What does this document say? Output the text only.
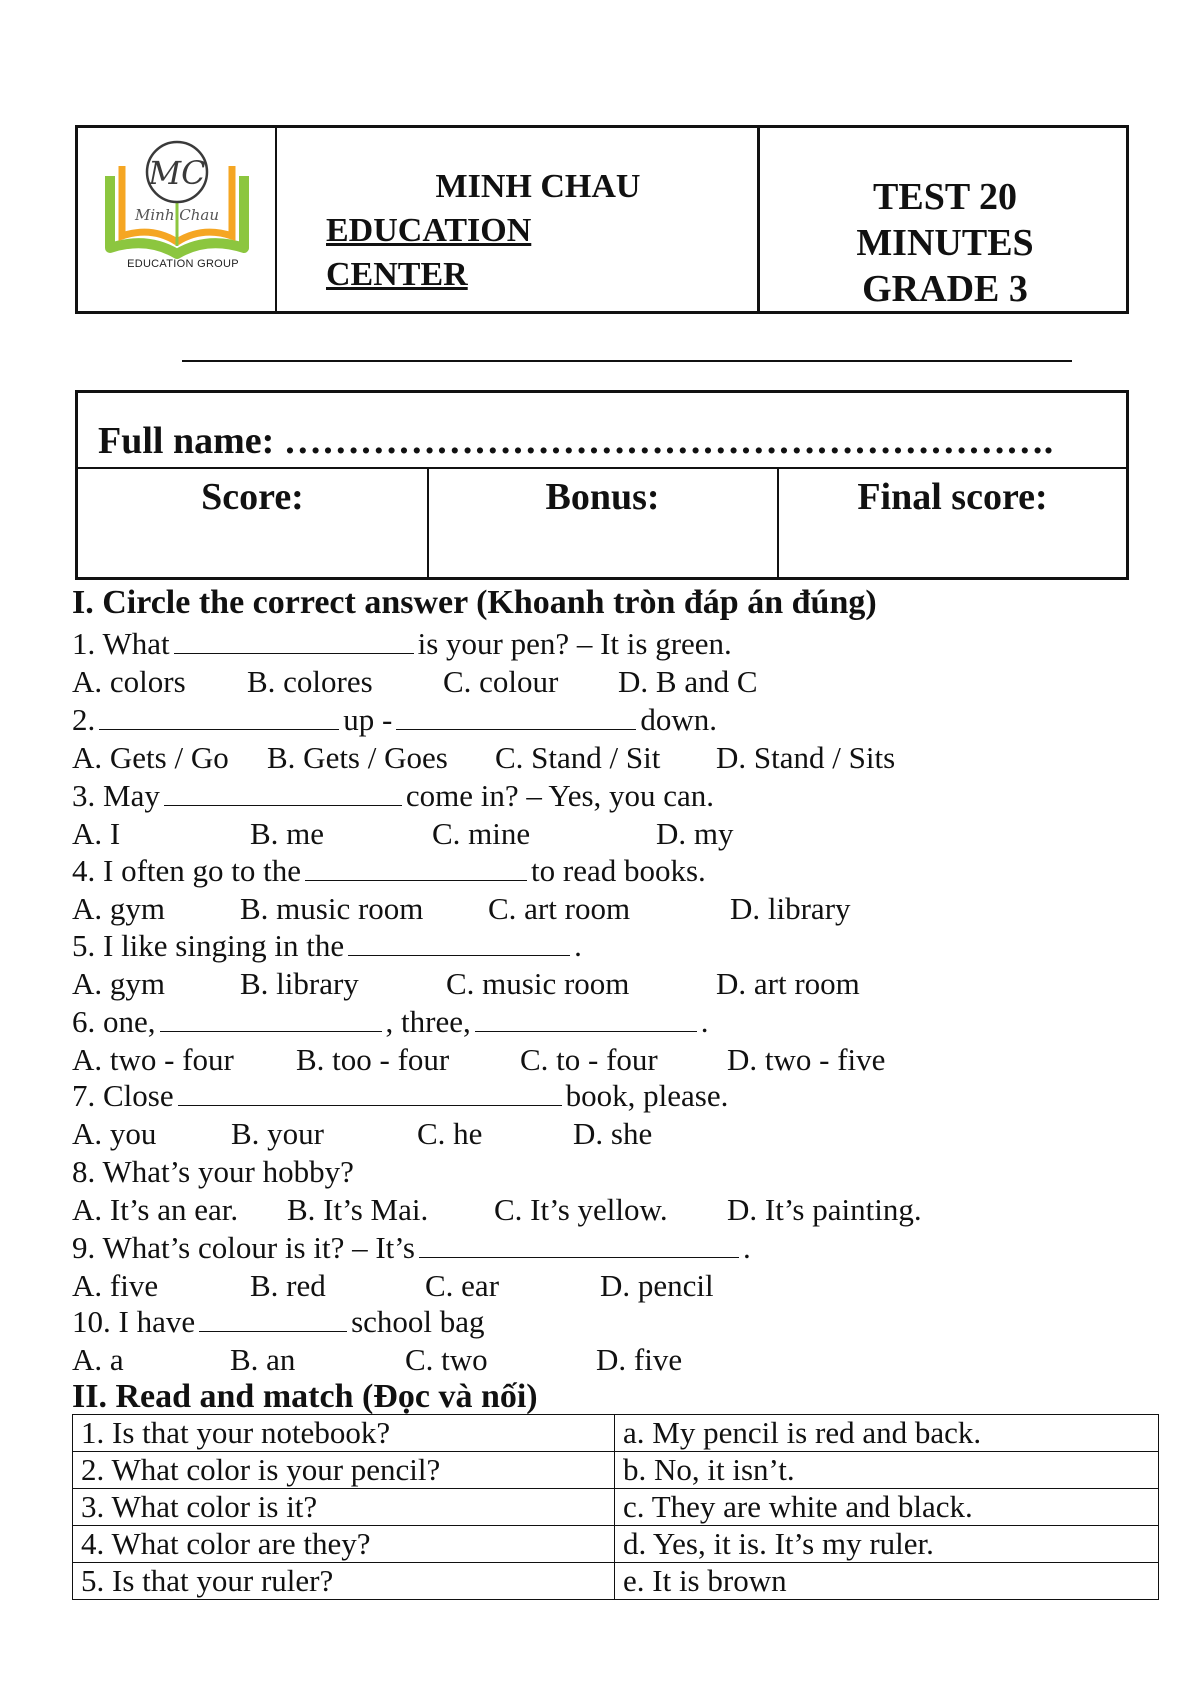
MC
Minh Chau
EDUCATION GROUP
MINH CHAU
EDUCATION
CENTER
TEST 20
MINUTES
GRADE 3
Full name: …………………………………………………….
Score:	Bonus:	Final score:
I. Circle the correct answer (Khoanh tròn đáp án đúng)
1. What	is your pen? – It is green.
A. colors B. colores C. colour D. B and C
2.	up -	down.
A. Gets / Go B. Gets / Goes C. Stand / Sit D. Stand / Sits
3. May	come in? – Yes, you can.
A. I	B. me	C. mine	D. my
4. I often go to the	to read books.
A. gym B. music room C. art room	D. library
5. I like singing in the	.
A. gym B. library	C. music room	D. art room
6. one,	, three,	.
A. two - four B. too - four C. to - four D. two - five
7. Close	book, please.
A. you B. your	C. he	D. she
8. What’s your hobby?
A. It’s an ear. B. It’s Mai. C. It’s yellow. D. It’s painting.
9. What’s colour is it? – It’s	.
A. five	B. red	C. ear	D. pencil
10. I have	school bag
A. a	B. an	C. two	D. five
II. Read and match (Đọc và nối)
1. Is that your notebook?	a. My pencil is red and back.
2. What color is your pencil?	b. No, it isn’t.
3. What color is it?	c. They are white and black.
4. What color are they?	d. Yes, it is. It’s my ruler.
5. Is that your ruler?	e. It is brown
